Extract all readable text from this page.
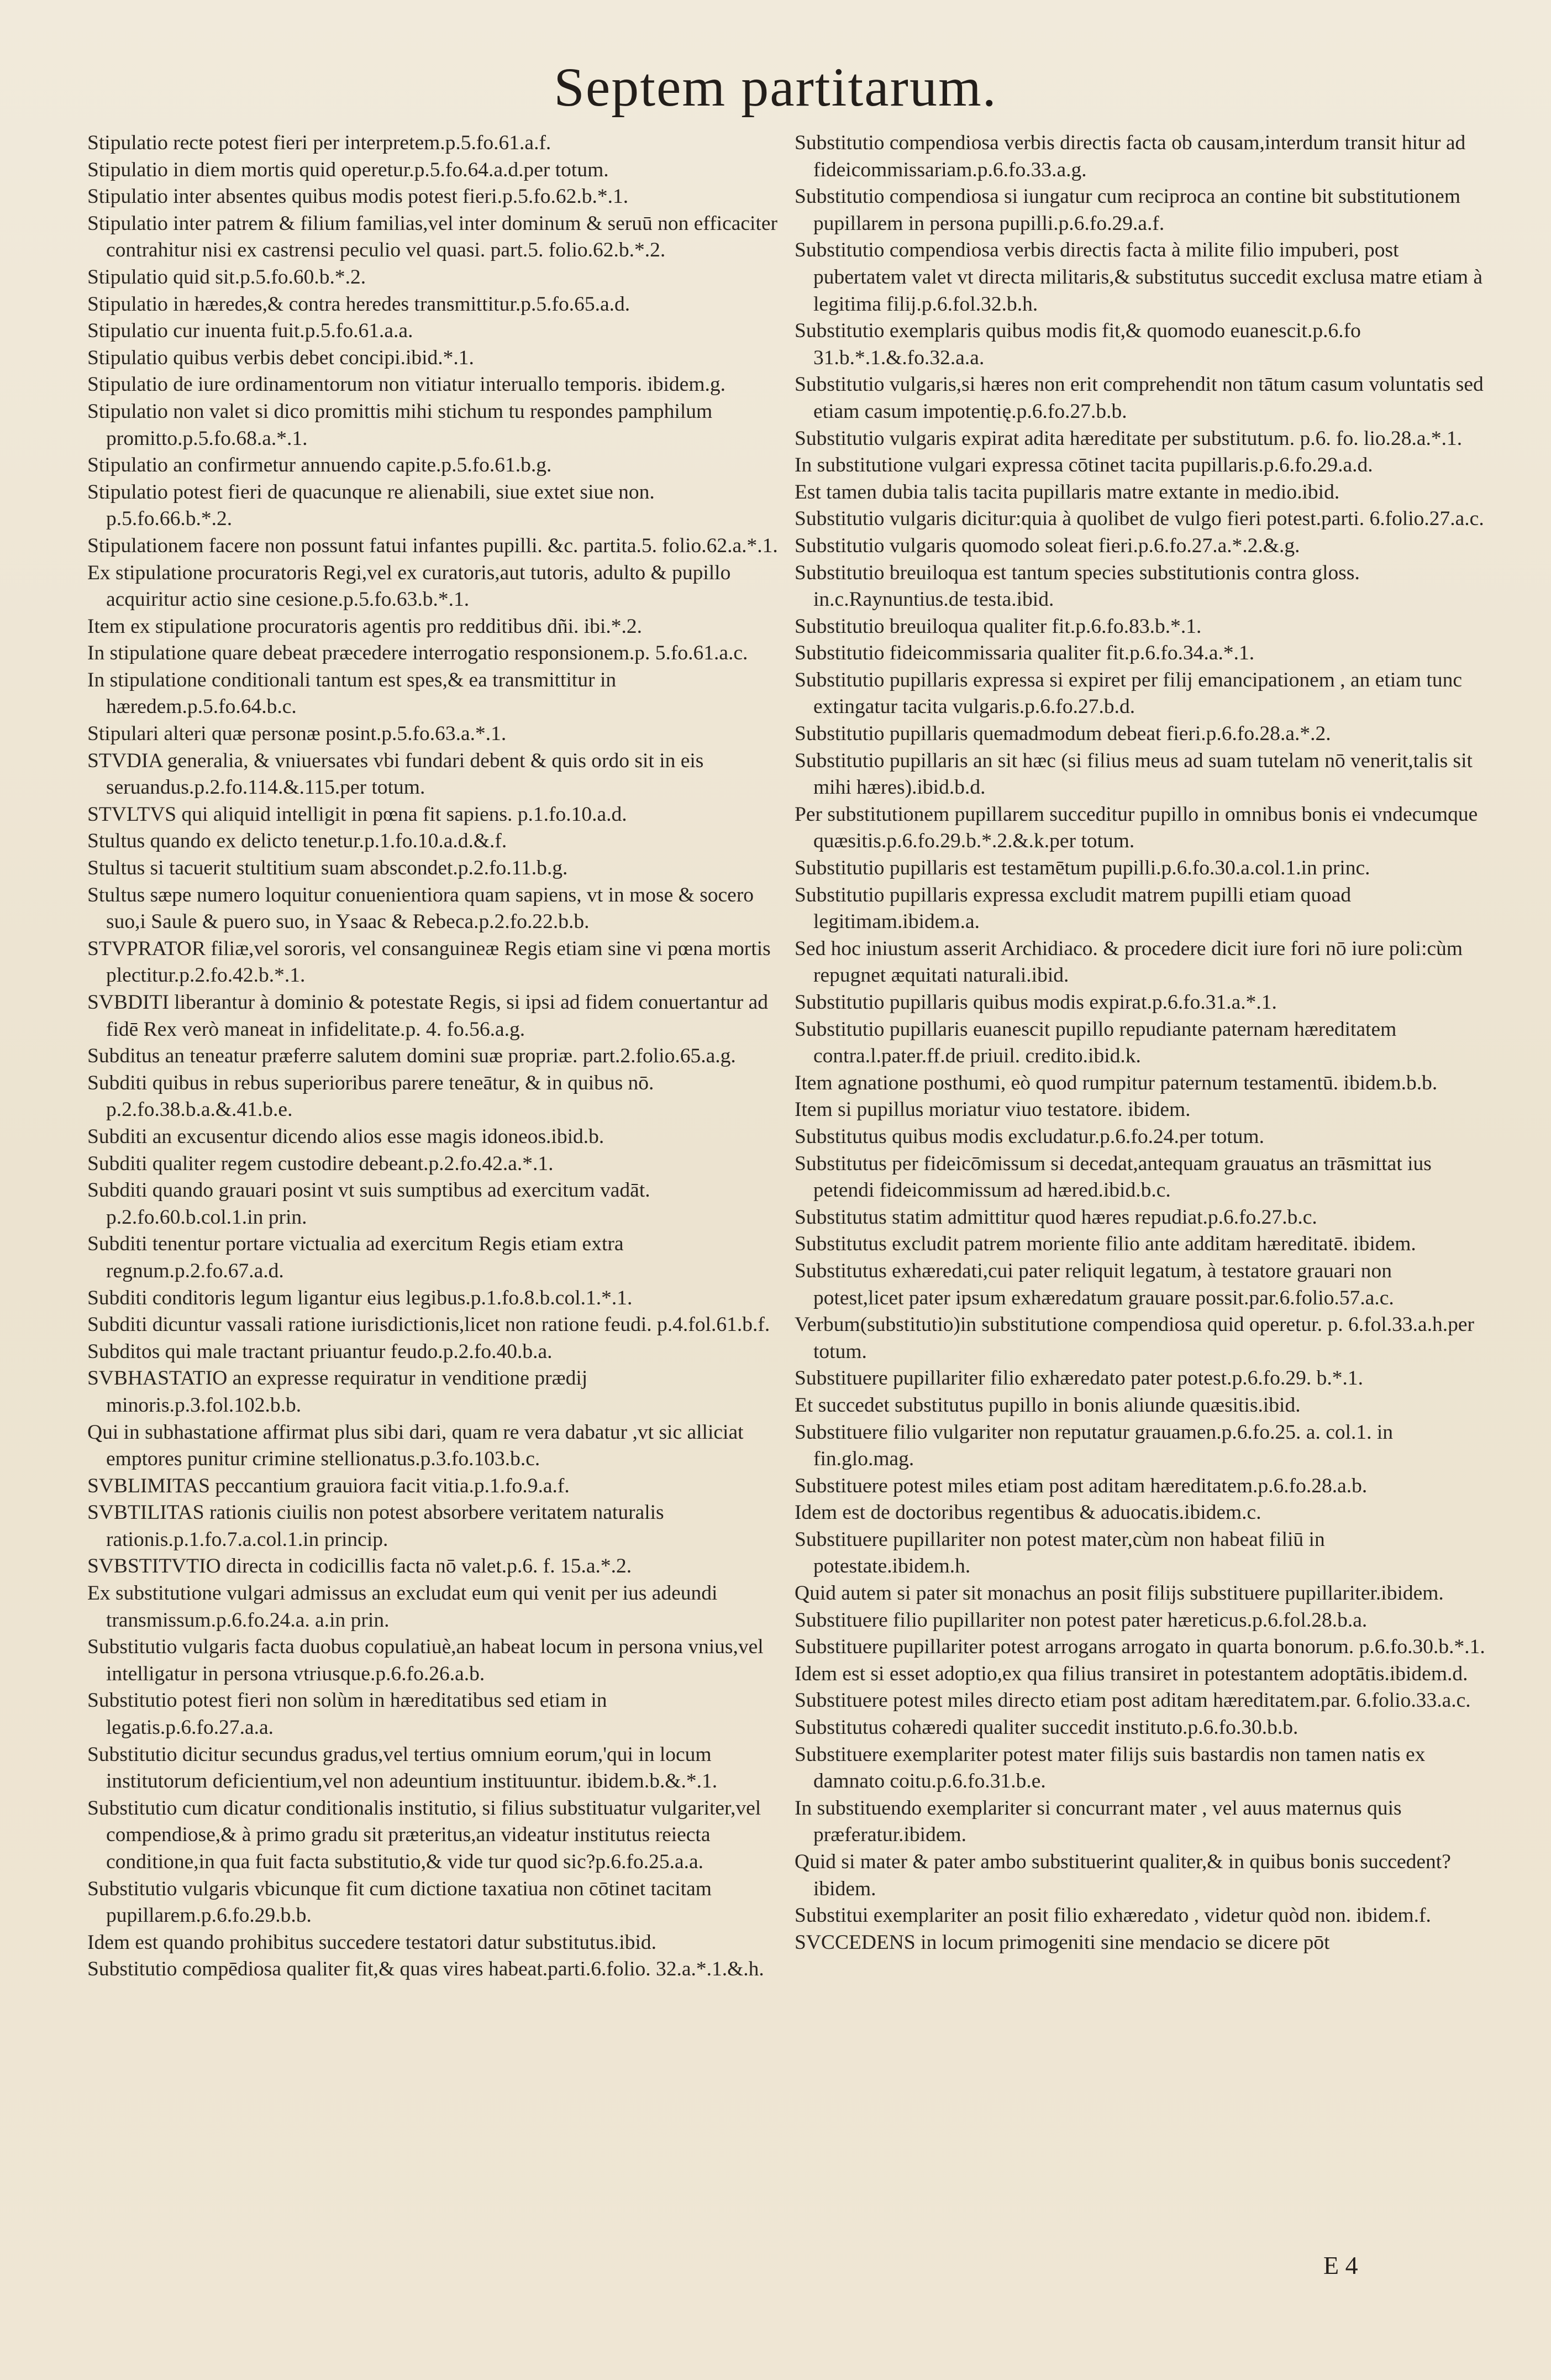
Septem partitarum.

Stipulatio recte potest fieri per interpretem.p.5.fo.61.a.f.

Stipulatio in diem mortis quid operetur.p.5.fo.64.a.d.per totum.

Stipulatio inter absentes quibus modis potest fieri.p.5.fo.62.b.*.1.

Stipulatio inter patrem & filium familias,vel inter dominum & seruū non efficaciter contrahitur nisi ex castrensi peculio vel quasi. part.5. folio.62.b.*.2.

Stipulatio quid sit.p.5.fo.60.b.*.2.

Stipulatio in hæredes,& contra heredes transmittitur.p.5.fo.65.a.d.

Stipulatio cur inuenta fuit.p.5.fo.61.a.a.

Stipulatio quibus verbis debet concipi.ibid.*.1.

Stipulatio de iure ordinamentorum non vitiatur interuallo temporis. ibidem.g.

Stipulatio non valet si dico promittis mihi stichum tu respondes pamphilum promitto.p.5.fo.68.a.*.1.

Stipulatio an confirmetur annuendo capite.p.5.fo.61.b.g.

Stipulatio potest fieri de quacunque re alienabili, siue extet siue non. p.5.fo.66.b.*.2.

Stipulationem facere non possunt fatui infantes pupilli. &c. partita.5. folio.62.a.*.1.

Ex stipulatione procuratoris Regi,vel ex curatoris,aut tutoris, adulto & pupillo acquiritur actio sine cesione.p.5.fo.63.b.*.1.

Item ex stipulatione procuratoris agentis pro redditibus dñi. ibi.*.2.

In stipulatione quare debeat præcedere interrogatio responsionem.p. 5.fo.61.a.c.

In stipulatione conditionali tantum est spes,& ea transmittitur in hæredem.p.5.fo.64.b.c.

Stipulari alteri quæ personæ posint.p.5.fo.63.a.*.1.

STVDIA generalia, & vniuersates vbi fundari debent & quis ordo sit in eis seruandus.p.2.fo.114.&.115.per totum.

STVLTVS qui aliquid intelligit in pœna fit sapiens. p.1.fo.10.a.d.

Stultus quando ex delicto tenetur.p.1.fo.10.a.d.&.f.

Stultus si tacuerit stultitium suam abscondet.p.2.fo.11.b.g.

Stultus sæpe numero loquitur conuenientiora quam sapiens, vt in mose & socero suo,i Saule & puero suo, in Ysaac & Rebeca.p.2.fo.22.b.b.

STVPRATOR filiæ,vel sororis, vel consanguineæ Regis etiam sine vi pœna mortis plectitur.p.2.fo.42.b.*.1.

SVBDITI liberantur à dominio & potestate Regis, si ipsi ad fidem conuertantur ad fidē Rex verò maneat in infidelitate.p. 4. fo.56.a.g.

Subditus an teneatur præferre salutem domini suæ propriæ. part.2.folio.65.a.g.

Subditi quibus in rebus superioribus parere teneātur, & in quibus nō. p.2.fo.38.b.a.&.41.b.e.

Subditi an excusentur dicendo alios esse magis idoneos.ibid.b.

Subditi qualiter regem custodire debeant.p.2.fo.42.a.*.1.

Subditi quando grauari posint vt suis sumptibus ad exercitum vadāt. p.2.fo.60.b.col.1.in prin.

Subditi tenentur portare victualia ad exercitum Regis etiam extra regnum.p.2.fo.67.a.d.

Subditi conditoris legum ligantur eius legibus.p.1.fo.8.b.col.1.*.1.

Subditi dicuntur vassali ratione iurisdictionis,licet non ratione feudi. p.4.fol.61.b.f.

Subditos qui male tractant priuantur feudo.p.2.fo.40.b.a.

SVBHASTATIO an expresse requiratur in venditione prædij minoris.p.3.fol.102.b.b.

Qui in subhastatione affirmat plus sibi dari, quam re vera dabatur ,vt sic alliciat emptores punitur crimine stellionatus.p.3.fo.103.b.c.

SVBLIMITAS peccantium grauiora facit vitia.p.1.fo.9.a.f.

SVBTILITAS rationis ciuilis non potest absorbere veritatem naturalis rationis.p.1.fo.7.a.col.1.in princip.

SVBSTITVTIO directa in codicillis facta nō valet.p.6. f. 15.a.*.2.

Ex substitutione vulgari admissus an excludat eum qui venit per ius adeundi transmissum.p.6.fo.24.a. a.in prin.

Substitutio vulgaris facta duobus copulatiuè,an habeat locum in persona vnius,vel intelligatur in persona vtriusque.p.6.fo.26.a.b.

Substitutio potest fieri non solùm in hæreditatibus sed etiam in legatis.p.6.fo.27.a.a.

Substitutio dicitur secundus gradus,vel tertius omnium eorum,'qui in locum institutorum deficientium,vel non adeuntium instituuntur. ibidem.b.&.*.1.

Substitutio cum dicatur conditionalis institutio, si filius substituatur vulgariter,vel compendiose,& à primo gradu sit præteritus,an videatur institutus reiecta conditione,in qua fuit facta substitutio,& vide tur quod sic?p.6.fo.25.a.a.

Substitutio vulgaris vbicunque fit cum dictione taxatiua non cōtinet tacitam pupillarem.p.6.fo.29.b.b.

Idem est quando prohibitus succedere testatori datur substitutus.ibid.

Substitutio compēdiosa qualiter fit,& quas vires habeat.parti.6.folio. 32.a.*.1.&.h.

Substitutio compendiosa verbis directis facta ob causam,interdum transit hitur ad fideicommissariam.p.6.fo.33.a.g.

Substitutio compendiosa si iungatur cum reciproca an contine bit substitutionem pupillarem in persona pupilli.p.6.fo.29.a.f.

Substitutio compendiosa verbis directis facta à milite filio impuberi, post pubertatem valet vt directa militaris,& substitutus succedit exclusa matre etiam à legitima filij.p.6.fol.32.b.h.

Substitutio exemplaris quibus modis fit,& quomodo euanescit.p.6.fo 31.b.*.1.&.fo.32.a.a.

Substitutio vulgaris,si hæres non erit comprehendit non tātum casum voluntatis sed etiam casum impotentię.p.6.fo.27.b.b.

Substitutio vulgaris expirat adita hæreditate per substitutum. p.6. fo. lio.28.a.*.1.

In substitutione vulgari expressa cōtinet tacita pupillaris.p.6.fo.29.a.d.

Est tamen dubia talis tacita pupillaris matre extante in medio.ibid.

Substitutio vulgaris dicitur:quia à quolibet de vulgo fieri potest.parti. 6.folio.27.a.c.

Substitutio vulgaris quomodo soleat fieri.p.6.fo.27.a.*.2.&.g.

Substitutio breuiloqua est tantum species substitutionis contra gloss. in.c.Raynuntius.de testa.ibid.

Substitutio breuiloqua qualiter fit.p.6.fo.83.b.*.1.

Substitutio fideicommissaria qualiter fit.p.6.fo.34.a.*.1.

Substitutio pupillaris expressa si expiret per filij emancipationem , an etiam tunc extingatur tacita vulgaris.p.6.fo.27.b.d.

Substitutio pupillaris quemadmodum debeat fieri.p.6.fo.28.a.*.2.

Substitutio pupillaris an sit hæc (si filius meus ad suam tutelam nō venerit,talis sit mihi hæres).ibid.b.d.

Per substitutionem pupillarem succeditur pupillo in omnibus bonis ei vndecumque quæsitis.p.6.fo.29.b.*.2.&.k.per totum.

Substitutio pupillaris est testamētum pupilli.p.6.fo.30.a.col.1.in princ.

Substitutio pupillaris expressa excludit matrem pupilli etiam quoad legitimam.ibidem.a.

Sed hoc iniustum asserit Archidiaco. & procedere dicit iure fori nō iure poli:cùm repugnet æquitati naturali.ibid.

Substitutio pupillaris quibus modis expirat.p.6.fo.31.a.*.1.

Substitutio pupillaris euanescit pupillo repudiante paternam hæreditatem contra.l.pater.ff.de priuil. credito.ibid.k.

Item agnatione posthumi, eò quod rumpitur paternum testamentū. ibidem.b.b.

Item si pupillus moriatur viuo testatore. ibidem.

Substitutus quibus modis excludatur.p.6.fo.24.per totum.

Substitutus per fideicōmissum si decedat,antequam grauatus an trāsmittat ius petendi fideicommissum ad hæred.ibid.b.c.

Substitutus statim admittitur quod hæres repudiat.p.6.fo.27.b.c.

Substitutus excludit patrem moriente filio ante additam hæreditatē. ibidem.

Substitutus exhæredati,cui pater reliquit legatum, à testatore grauari non potest,licet pater ipsum exhæredatum grauare possit.par.6.folio.57.a.c.

Verbum(substitutio)in substitutione compendiosa quid operetur. p. 6.fol.33.a.h.per totum.

Substituere pupillariter filio exhæredato pater potest.p.6.fo.29. b.*.1.

Et succedet substitutus pupillo in bonis aliunde quæsitis.ibid.

Substituere filio vulgariter non reputatur grauamen.p.6.fo.25. a. col.1. in fin.glo.mag.

Substituere potest miles etiam post aditam hæreditatem.p.6.fo.28.a.b.

Idem est de doctoribus regentibus & aduocatis.ibidem.c.

Substituere pupillariter non potest mater,cùm non habeat filiū in potestate.ibidem.h.

Quid autem si pater sit monachus an posit filijs substituere pupillariter.ibidem.

Substituere filio pupillariter non potest pater hæreticus.p.6.fol.28.b.a.

Substituere pupillariter potest arrogans arrogato in quarta bonorum. p.6.fo.30.b.*.1.

Idem est si esset adoptio,ex qua filius transiret in potestantem adoptātis.ibidem.d.

Substituere potest miles directo etiam post aditam hæreditatem.par. 6.folio.33.a.c.

Substitutus cohæredi qualiter succedit instituto.p.6.fo.30.b.b.

Substituere exemplariter potest mater filijs suis bastardis non tamen natis ex damnato coitu.p.6.fo.31.b.e.

In substituendo exemplariter si concurrant mater , vel auus maternus quis præferatur.ibidem.

Quid si mater & pater ambo substituerint qualiter,& in quibus bonis succedent?ibidem.

Substitui exemplariter an posit filio exhæredato , videtur quòd non. ibidem.f.

SVCCEDENS in locum primogeniti sine mendacio se dicere pōt

E 4
